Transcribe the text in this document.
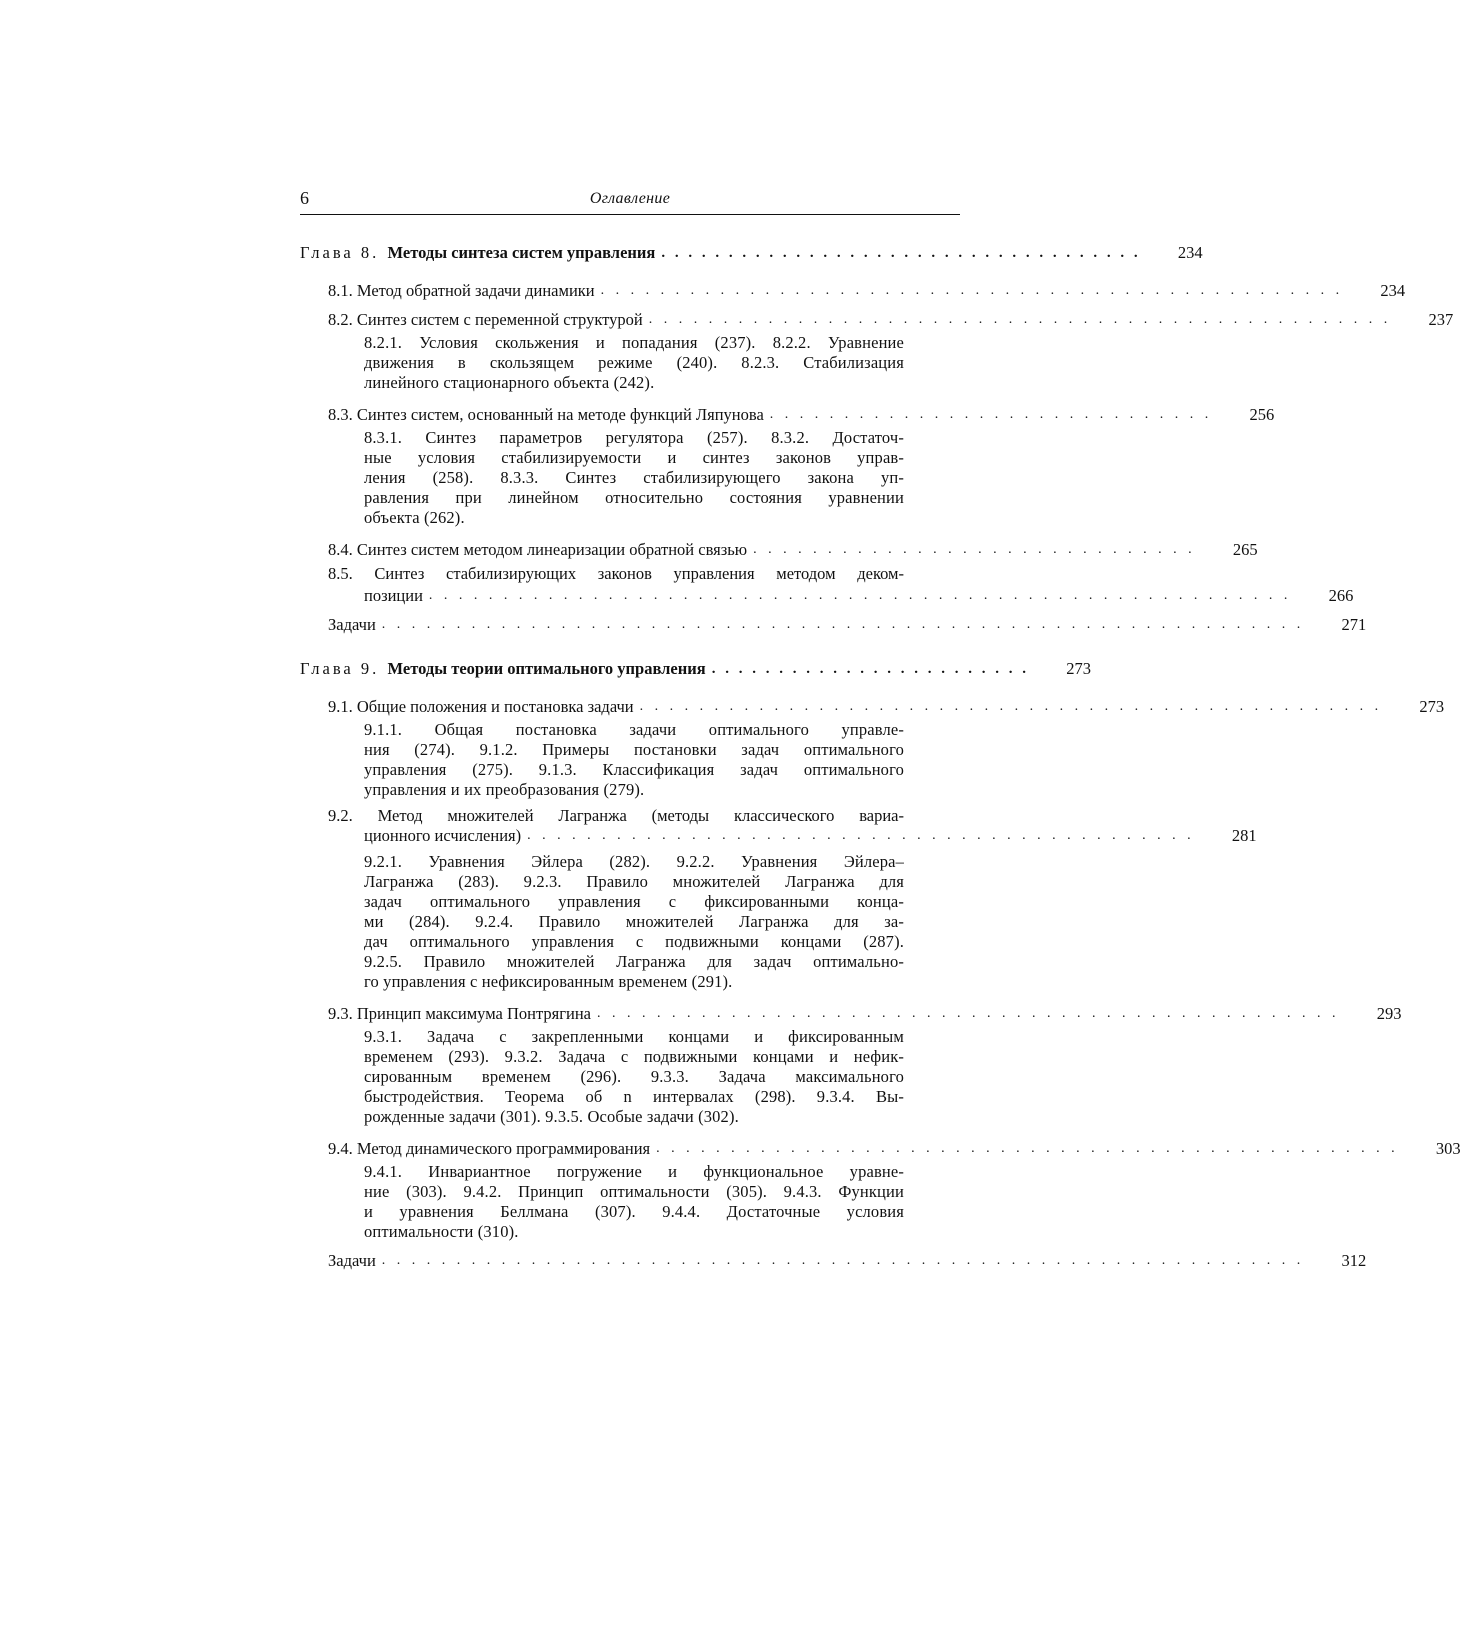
6	Оглавление
Глава 8. Методы синтеза систем управления . . . . . . . . . . . . . . . . . . . . . . . . . . . . . . . . . . . .	234
8.1. Метод обратной задачи динамики . . . . . . . . . . . . . . . . . . . . . . . . . . . . . . . . . . . . . . . . . . . . . . . . . .	234
8.2. Синтез систем с переменной структурой . . . . . . . . . . . . . . . . . . . . . . . . . . . . . . . . . . . . . . . . . . . . . . . . . .	237
8.2.1. Условия скольжения и попадания (237). 8.2.2. Уравнение
движения в скользящем режиме (240). 8.2.3. Стабилизация
линейного стационарного объекта (242).
8.3. Синтез систем, основанный на методе функций Ляпунова . . . . . . . . . . . . . . . . . . . . . . . . . . . . . .	256
8.3.1. Синтез параметров регулятора (257). 8.3.2. Достаточ-
ные условия стабилизируемости и синтез законов управ-
ления (258). 8.3.3. Синтез стабилизирующего закона уп-
равления при линейном относительно состояния уравнении
объекта (262).
8.4. Синтез систем методом линеаризации обратной связью . . . . . . . . . . . . . . . . . . . . . . . . . . . . . .	265
8.5. Синтез стабилизирующих законов управления методом деком-
позиции . . . . . . . . . . . . . . . . . . . . . . . . . . . . . . . . . . . . . . . . . . . . . . . . . . . . . . . . . .	266
Задачи . . . . . . . . . . . . . . . . . . . . . . . . . . . . . . . . . . . . . . . . . . . . . . . . . . . . . . . . . . . . . .	271
Глава 9. Методы теории оптимального управления . . . . . . . . . . . . . . . . . . . . . . . .	273
9.1. Общие положения и постановка задачи . . . . . . . . . . . . . . . . . . . . . . . . . . . . . . . . . . . . . . . . . . . . . . . . . .	273
9.1.1. Общая постановка задачи оптимального управле-
ния (274). 9.1.2. Примеры постановки задач оптимального
управления (275). 9.1.3. Классификация задач оптимального
управления и их преобразования (279).
9.2. Метод множителей Лагранжа (методы классического вариа-
ционного исчисления) . . . . . . . . . . . . . . . . . . . . . . . . . . . . . . . . . . . . . . . . . . . . .	281
9.2.1. Уравнения Эйлера (282). 9.2.2. Уравнения Эйлера–
Лагранжа (283). 9.2.3. Правило множителей Лагранжа для
задач оптимального управления с фиксированными конца-
ми (284). 9.2.4. Правило множителей Лагранжа для за-
дач оптимального управления с подвижными концами (287).
9.2.5. Правило множителей Лагранжа для задач оптимально-
го управления с нефиксированным временем (291).
9.3. Принцип максимума Понтрягина . . . . . . . . . . . . . . . . . . . . . . . . . . . . . . . . . . . . . . . . . . . . . . . . . .	293
9.3.1. Задача с закрепленными концами и фиксированным
временем (293). 9.3.2. Задача с подвижными концами и нефик-
сированным временем (296). 9.3.3. Задача максимального
быстродействия. Теорема об n интервалах (298). 9.3.4. Вы-
рожденные задачи (301). 9.3.5. Особые задачи (302).
9.4. Метод динамического программирования . . . . . . . . . . . . . . . . . . . . . . . . . . . . . . . . . . . . . . . . . . . . . . . . . .	303
9.4.1. Инвариантное погружение и функциональное уравне-
ние (303). 9.4.2. Принцип оптимальности (305). 9.4.3. Функции
и уравнения Беллмана (307). 9.4.4. Достаточные условия
оптимальности (310).
Задачи . . . . . . . . . . . . . . . . . . . . . . . . . . . . . . . . . . . . . . . . . . . . . . . . . . . . . . . . . . . . . .	312
